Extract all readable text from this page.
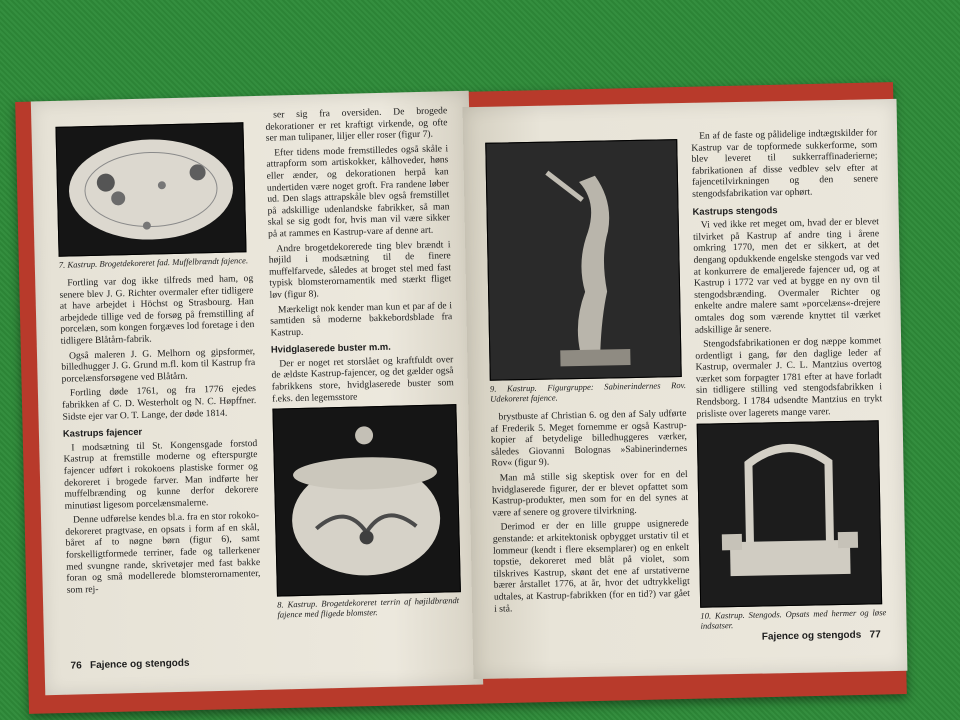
7. Kastrup. Brogetdekoreret fad. Muffelbrændt fajence.

Fortling var dog ikke tilfreds med ham, og senere blev J. G. Richter overmaler efter tidligere at have arbejdet i Höchst og Strasbourg. Han arbejdede tillige ved de forsøg på fremstilling af porcelæn, som kongen forgæves lod foretage i den tidligere Blåtårn-fabrik.

Også maleren J. G. Melhorn og gipsformer, billedhugger J. G. Grund m.fl. kom til Kastrup fra porcelænsforsøgene ved Blåtårn.

Fortling døde 1761, og fra 1776 ejedes fabrikken af C. D. Westerholt og N. C. Høpffner. Sidste ejer var O. T. Lange, der døde 1814.

Kastrups fajencer

I modsætning til St. Kongensgade forstod Kastrup at fremstille moderne og efterspurgte fajencer udført i rokokoens plastiske former og dekoreret i brogede farver. Man indførte her muffelbrænding og kunne derfor dekorere minutiøst ligesom porcelænsmalerne.

Denne udførelse kendes bl.a. fra en stor rokoko-dekoreret pragtvase, en opsats i form af en skål, båret af to nøgne børn (figur 6), samt forskelligtformede terriner, fade og tallerkener med svungne rande, skrivetøjer med fast bakke foran og små modellerede blomsterornamenter, som rej-

ser sig fra oversiden. De brogede dekorationer er ret kraftigt virkende, og ofte ser man tulipaner, liljer eller roser (figur 7).

Efter tidens mode fremstilledes også skåle i attrapform som artiskokker, kålhoveder, høns eller ænder, og dekorationen herpå kan undertiden være noget groft. Fra randene løber ud. Den slags attrapskåle blev også fremstillet på adskillige udenlandske fabrikker, så man skal se sig godt for, hvis man vil være sikker på at rammes en Kastrup-vare af denne art.

Andre brogetdekorerede ting blev brændt i højild i modsætning til de finere muffelfarvede, således at broget stel med fast typisk blomsterornamentik med stærkt fliget løv (figur 8).

Mærkeligt nok kender man kun et par af de i samtiden så moderne bakkebordsblade fra Kastrup.

Hvidglaserede buster m.m.

Der er noget ret storslået og kraftfuldt over de ældste Kastrup-fajencer, og det gælder også fabrikkens store, hvidglaserede buster som f.eks. den legemsstore

8. Kastrup. Brogetdekoreret terrin af højildbrændt fajence med fligede blomster.
76 Fajence og stengods
9. Kastrup. Figurgruppe: Sabinerindernes Rov. Udekoreret fajence.

brystbuste af Christian 6. og den af Saly udførte af Frederik 5. Meget fornemme er også Kastrup-kopier af betydelige billedhuggeres værker, således Giovanni Bolognas »Sabinerindernes Rov« (figur 9).

Man må stille sig skeptisk over for en del hvidglaserede figurer, der er blevet opfattet som Kastrup-produkter, men som for en del synes at være af senere og grovere tilvirkning.

Derimod er der en lille gruppe usignerede genstande: et arkitektonisk opbygget urstativ til et lommeur (kendt i flere eksemplarer) og en enkelt topstie, dekoreret med blåt på violet, som tilskrives Kastrup, skønt det ene af urstativerne bærer årstallet 1776, at år, hvor det udtrykkeligt udtales, at Kastrup-fabrikken (for en tid?) var gået i stå.

En af de faste og pålidelige indtægtskilder for Kastrup var de topformede sukkerforme, som blev leveret til sukkerraffinaderierne; fabrikationen af disse vedblev selv efter at fajencetilvirkningen og den senere stengodsfabrikation var ophørt.

Kastrups stengods

Vi ved ikke ret meget om, hvad der er blevet tilvirket på Kastrup af andre ting i årene omkring 1770, men det er sikkert, at det dengang opdukkende engelske stengods var ved at konkurrere de emaljerede fajencer ud, og at Kastrup i 1772 var ved at bygge en ny ovn til stengodsbrænding. Overmaler Richter og enkelte andre malere samt »porcelæns«-drejere omtales dog som værende knyttet til værket adskillige år senere.

Stengodsfabrikationen er dog næppe kommet ordentligt i gang, før den daglige leder af Kastrup, overmaler J. C. L. Mantzius overtog værket som forpagter 1781 efter at have forladt sin tidligere stilling ved stengodsfabrikken i Rendsborg. I 1784 udsendte Mantzius en trykt prisliste over lagerets mange varer.

10. Kastrup. Stengods. Opsats med hermer og løse indsatser.
Fajence og stengods 77
